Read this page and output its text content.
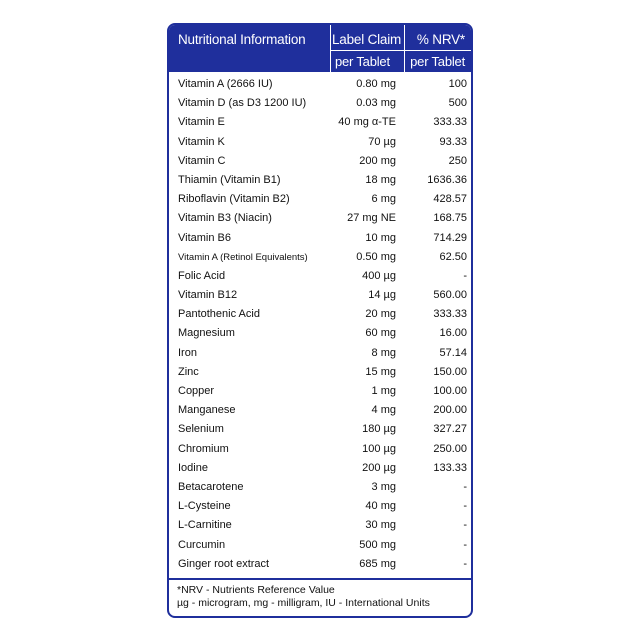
Nutritional Information Label Claim % NRV*
per Tablet per Tablet
Vitamin A (2666 IU)	0.80 mg	100
Vitamin D (as D3 1200 IU)	0.03 mg	500
Vitamin E	40 mg α-TE	333.33
Vitamin K	70 µg	93.33
Vitamin C	200 mg	250
Thiamin (Vitamin B1)	18 mg	1636.36
Riboflavin (Vitamin B2)	6 mg	428.57
Vitamin B3 (Niacin)	27 mg NE	168.75
Vitamin B6	10 mg	714.29
Vitamin A (Retinol Equivalents)	0.50 mg	62.50
Folic Acid	400 µg	-
Vitamin B12	14 µg	560.00
Pantothenic Acid	20 mg	333.33
Magnesium	60 mg	16.00
Iron	8 mg	57.14
Zinc	15 mg	150.00
Copper	1 mg	100.00
Manganese	4 mg	200.00
Selenium	180 µg	327.27
Chromium	100 µg	250.00
Iodine	200 µg	133.33
Betacarotene	3 mg	-
L-Cysteine	40 mg	-
L-Carnitine	30 mg	-
Curcumin	500 mg	-
Ginger root extract	685 mg	-
*NRV - Nutrients Reference Value
µg - microgram, mg - milligram, IU - International Units
